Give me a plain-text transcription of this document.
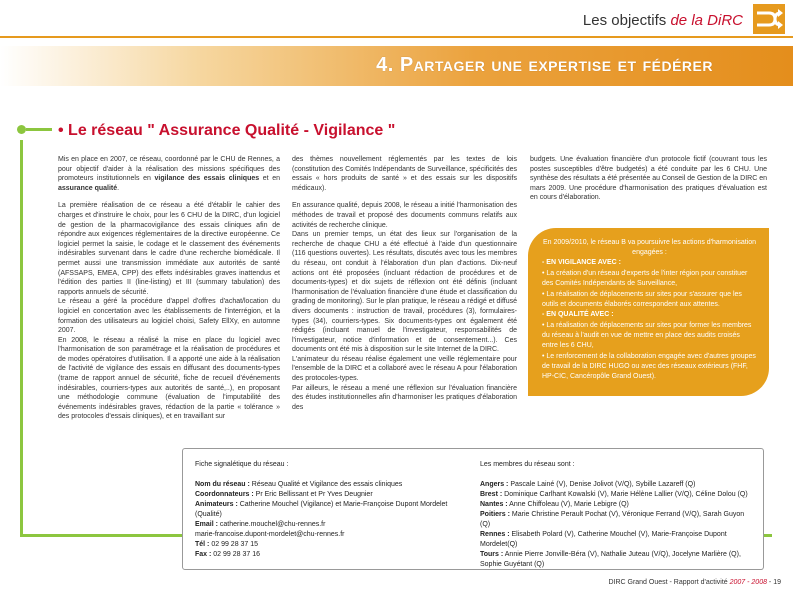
Les objectifs de la DiRC
4. Partager une expertise et fédérer
• Le réseau " Assurance Qualité - Vigilance "

Mis en place en 2007, ce réseau, coordonné par le CHU de Rennes, a pour objectif d'aider à la réalisation des missions spécifiques des promoteurs institutionnels en vigilance des essais cliniques et en assurance qualité.

La première réalisation de ce réseau a été d'établir le cahier des charges et d'instruire le choix, pour les 6 CHU de la DIRC, d'un logiciel de gestion de la pharmacovigilance des essais cliniques afin de répondre aux exigences réglementaires de la directive européenne. Ce logiciel permet la saisie, le codage et le classement des événements indésirables survenant dans le cadre d'une recherche biomédicale. Il permet aussi une transmission immédiate aux autorités de santé (AFSSAPS, EMEA, CPP) des effets indésirables graves inattendus et l'édition des parties II (line-listing) et III (summary tabulation) des rapports annuels de sécurité.

Le réseau a géré la procédure d'appel d'offres d'achat/location du logiciel en concertation avec les établissements de l'interrégion, et la formation des utilisateurs au logiciel choisi, Safety EllXy, en automne 2007.

En 2008, le réseau a réalisé la mise en place du logiciel avec l'harmonisation de son paramétrage et la réalisation de procédures et de modes opératoires d'utilisation. Il a apporté une aide à la réalisation de l'activité de vigilance des essais en diffusant des documents-types (trame de rapport annuel de sécurité, fiche de recueil d'événements indésirables, courriers-types aux autorités de santé,..), en proposant une méthodologie commune (évaluation de l'imputabilité des événements indésirables graves, rédaction de la partie « tolérance » des protocoles d'essais cliniques), et en travaillant sur

des thèmes nouvellement réglementés par les textes de lois (constitution des Comités Indépendants de Surveillance, spécificités des essais « hors produits de santé » et des essais sur les dispositifs médicaux).

En assurance qualité, depuis 2008, le réseau a initié l'harmonisation des méthodes de travail et proposé des documents communs relatifs aux activités de recherche clinique.

Dans un premier temps, un état des lieux sur l'organisation de la recherche de chaque CHU a été effectué à l'aide d'un questionnaire (116 questions ouvertes). Les résultats, discutés avec tous les membres du réseau, ont conduit à l'élaboration d'un plan d'actions. Dix-neuf actions ont été proposées (incluant rédaction de procédures et de documents-types) et dix sujets de réflexion ont été définis (incluant l'harmonisation de l'évaluation financière d'une étude et classification du grading de monitoring). Sur le plan pratique, le réseau a rédigé et diffusé divers documents : instruction de travail, procédures (3), formulaires-types (34), courriers-types. Six documents-types ont également été rédigés (incluant manuel de l'investigateur, responsabilités de l'investigateur, notice d'information et de consentement...). Ces documents ont été mis à disposition sur le site Internet de la DIRC.

L'animateur du réseau réalise également une veille réglementaire pour l'ensemble de la DIRC et a collaboré avec le réseau A pour l'élaboration des protocoles-types.

Par ailleurs, le réseau a mené une réflexion sur l'évaluation financière des études institutionnelles afin d'harmoniser les pratiques d'élaboration des

budgets. Une évaluation financière d'un protocole fictif (couvrant tous les postes susceptibles d'être budgetés) a été conduite par les 6 CHU. Une synthèse des résultats a été présentée au Conseil de Gestion de la DIRC en mars 2009. Une procédure d'harmonisation des pratiques d'évaluation est en cours d'élaboration.

En 2009/2010, le réseau B va poursuivre les actions d'harmonisation engagées :
- EN VIGILANCE AVEC :
• La création d'un réseau d'experts de l'inter région pour constituer des Comités Indépendants de Surveillance,
• La réalisation de déplacements sur sites pour s'assurer que les outils et documents élaborés correspondent aux attentes.
- EN QUALITÉ AVEC :
• La réalisation de déplacements sur sites pour former les membres du réseau à l'audit en vue de mettre en place des audits croisés entre les 6 CHU,
• Le renforcement de la collaboration engagée avec d'autres groupes de travail de la DIRC HUGO ou avec des réseaux extérieurs (FHF, HP-CIC, Cancéropôle Grand Ouest).
Fiche signalétique du réseau :
Nom du réseau : Réseau Qualité et Vigilance des essais cliniques
Coordonnateurs : Pr Eric Bellissant et Pr Yves Deugnier
Animateurs : Catherine Mouchel (Vigilance) et Marie-Françoise Dupont Mordelet (Qualité)
Email : catherine.mouchel@chu-rennes.fr
marie-francoise.dupont-mordelet@chu-rennes.fr
Tél : 02 99 28 37 15
Fax : 02 99 28 37 16
Les membres du réseau sont :
Angers : Pascale Lainé (V), Denise Jolivot (V/Q), Sybille Lazareff (Q)
Brest : Dominique Carlhant Kowalski (V), Marie Hélène Lallier (V/Q), Céline Dolou (Q)
Nantes : Anne Chiffoleau (V), Marie Lebigre (Q)
Poitiers : Marie Christine Perault Pochat (V), Véronique Ferrand (V/Q), Sarah Guyon (Q)
Rennes : Elisabeth Polard (V), Catherine Mouchel (V), Marie-Françoise Dupont Mordelet(Q)
Tours : Annie Pierre Jonville-Béra (V), Nathalie Juteau (V/Q), Jocelyne Marlière (Q), Sophie Guyétant (Q)
DIRC Grand Ouest - Rapport d'activité 2007 - 2008 - 19
